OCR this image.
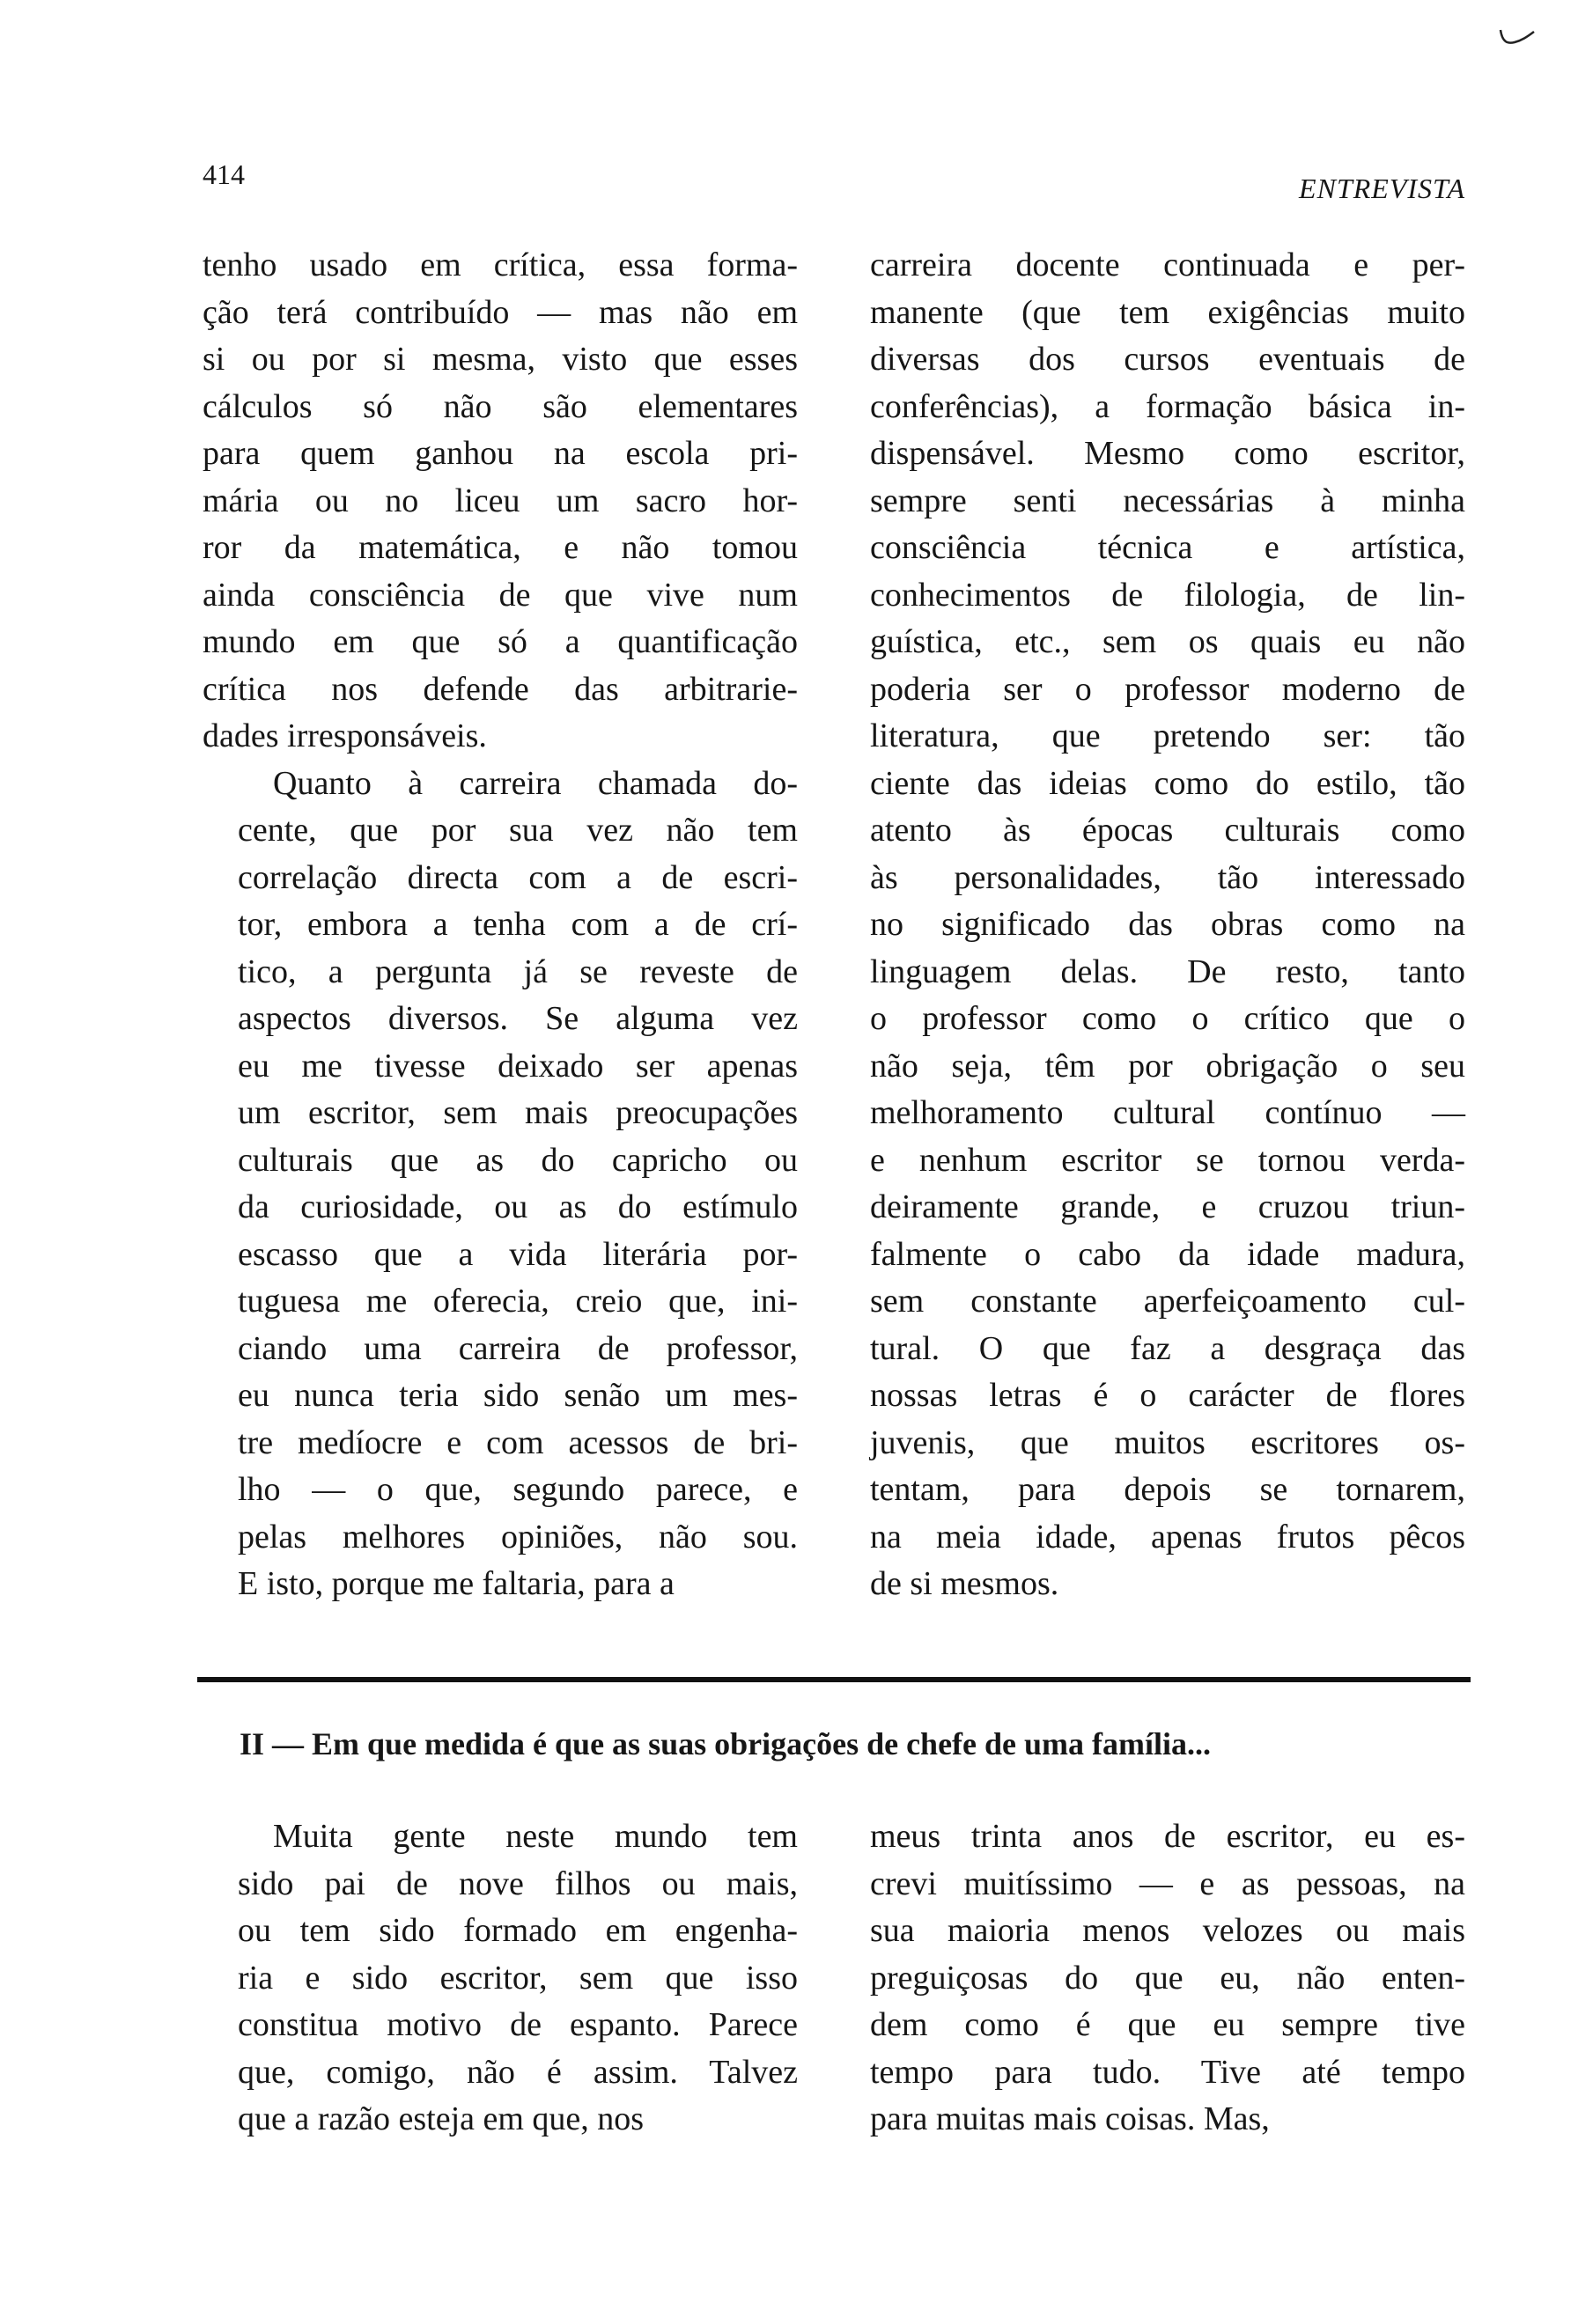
414	ENTREVISTA

tenho usado em crítica, essa forma-
ção terá contribuído — mas não em
si ou por si mesma, visto que esses
cálculos só não são elementares
para quem ganhou na escola pri-
mária ou no liceu um sacro hor-
ror da matemática, e não tomou
ainda consciência de que vive num
mundo em que só a quantificação
crítica nos defende das arbitrarie-
dades irresponsáveis.

Quanto à carreira chamada do-
cente, que por sua vez não tem
correlação directa com a de escri-
tor, embora a tenha com a de crí-
tico, a pergunta já se reveste de
aspectos diversos. Se alguma vez
eu me tivesse deixado ser apenas
um escritor, sem mais preocupações
culturais que as do capricho ou
da curiosidade, ou as do estímulo
escasso que a vida literária por-
tuguesa me oferecia, creio que, ini-
ciando uma carreira de professor,
eu nunca teria sido senão um mes-
tre medíocre e com acessos de bri-
lho — o que, segundo parece, e
pelas melhores opiniões, não sou.
E isto, porque me faltaria, para a

carreira docente continuada e per-
manente (que tem exigências muito
diversas dos cursos eventuais de
conferências), a formação básica in-
dispensável. Mesmo como escritor,
sempre senti necessárias à minha
consciência técnica e artística,
conhecimentos de filologia, de lin-
guística, etc., sem os quais eu não
poderia ser o professor moderno de
literatura, que pretendo ser: tão
ciente das ideias como do estilo, tão
atento às épocas culturais como
às personalidades, tão interessado
no significado das obras como na
linguagem delas. De resto, tanto
o professor como o crítico que o
não seja, têm por obrigação o seu
melhoramento cultural contínuo —
e nenhum escritor se tornou verda-
deiramente grande, e cruzou triun-
falmente o cabo da idade madura,
sem constante aperfeiçoamento cul-
tural. O que faz a desgraça das
nossas letras é o carácter de flores
juvenis, que muitos escritores os-
tentam, para depois se tornarem,
na meia idade, apenas frutos pêcos
de si mesmos.

II — Em que medida é que as suas obrigações de chefe de uma família...

Muita gente neste mundo tem
sido pai de nove filhos ou mais,
ou tem sido formado em engenha-
ria e sido escritor, sem que isso
constitua motivo de espanto. Parece
que, comigo, não é assim. Talvez
que a razão esteja em que, nos

meus trinta anos de escritor, eu es-
crevi muitíssimo — e as pessoas, na
sua maioria menos velozes ou mais
preguiçosas do que eu, não enten-
dem como é que eu sempre tive
tempo para tudo. Tive até tempo
para muitas mais coisas. Mas,
